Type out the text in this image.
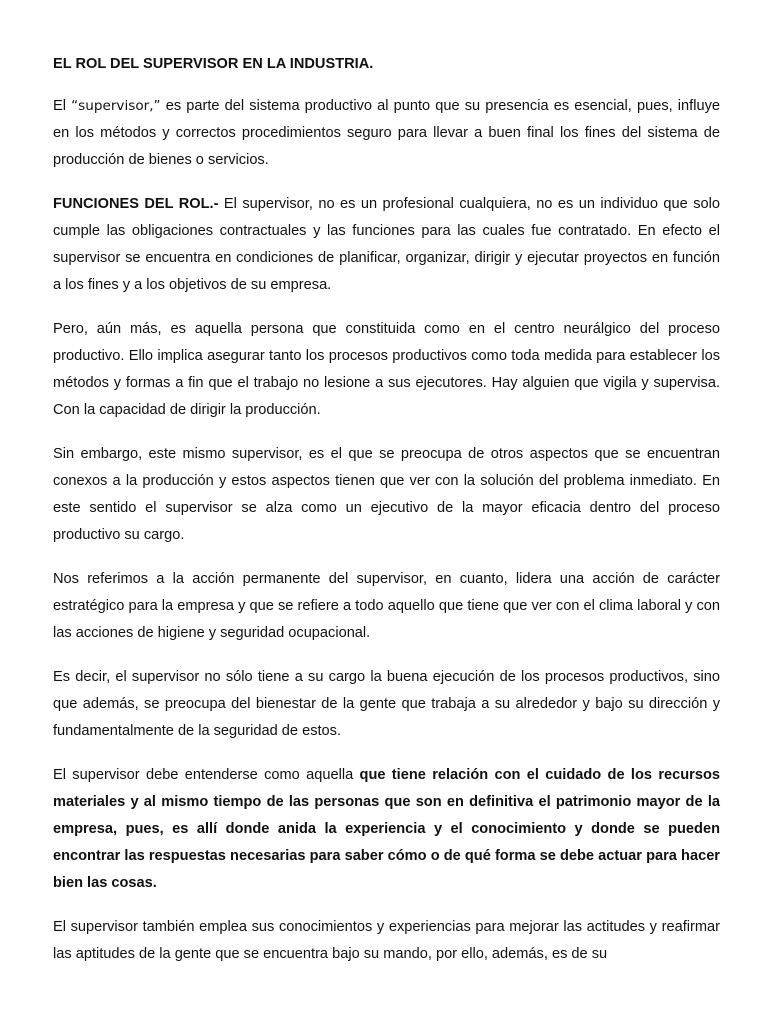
EL ROL DEL SUPERVISOR EN LA INDUSTRIA.

El “supervisor,” es parte del sistema productivo al punto que su presencia es esencial, pues, influye en los métodos y correctos procedimientos seguro para llevar a buen final los fines del sistema de producción de bienes o servicios.

FUNCIONES DEL ROL.- El supervisor, no es un profesional cualquiera, no es un individuo que solo cumple las obligaciones contractuales y las funciones para las cuales fue contratado. En efecto el supervisor se encuentra en condiciones de planificar, organizar, dirigir y ejecutar proyectos en función a los fines y a los objetivos de su empresa.

Pero, aún más, es aquella persona que constituida como en el centro neurálgico del proceso productivo. Ello implica asegurar tanto los procesos productivos como toda medida para establecer los métodos y formas a fin que el trabajo no lesione a sus ejecutores. Hay alguien que vigila y supervisa. Con la capacidad de dirigir la producción.

Sin embargo, este mismo supervisor, es el que se preocupa de otros aspectos que se encuentran conexos a la producción y estos aspectos tienen que ver con la solución del problema inmediato. En este sentido el supervisor se alza como un ejecutivo de la mayor eficacia dentro del proceso productivo su cargo.

Nos referimos a la acción permanente del supervisor, en cuanto, lidera una acción de carácter estratégico para la empresa y que se refiere a todo aquello que tiene que ver con el clima laboral y con las acciones de higiene y seguridad ocupacional.

Es decir, el supervisor no sólo tiene a su cargo la buena ejecución de los procesos productivos, sino que además, se preocupa del bienestar de la gente que trabaja a su alrededor y bajo su dirección y fundamentalmente de la seguridad de estos.

El supervisor debe entenderse como aquella que tiene relación con el cuidado de los recursos materiales y al mismo tiempo de las personas que son en definitiva el patrimonio mayor de la empresa, pues, es allí donde anida la experiencia y el conocimiento y donde se pueden encontrar las respuestas necesarias para saber cómo o de qué forma se debe actuar para hacer bien las cosas.

El supervisor también emplea sus conocimientos y experiencias para mejorar las actitudes y reafirmar las aptitudes de la gente que se encuentra bajo su mando, por ello, además, es de su
